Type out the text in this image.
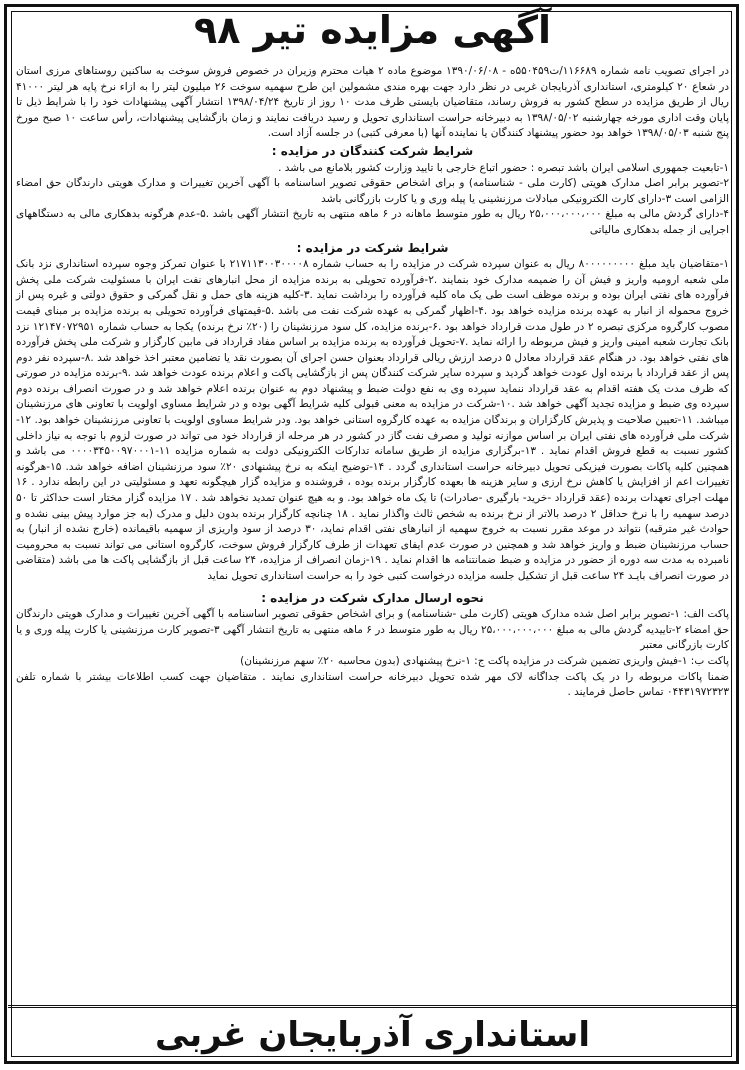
آگهی مزایده تیر ۹۸

در اجرای تصویب نامه شماره ۱۱۶۶۸۹/ت۵۵۰۴۵۹ه - ۱۳۹۰/۰۶/۰۸ موضوع ماده ۲ هیات محترم وزیران در خصوص فروش سوخت به ساکنین روستاهای مرزی استان در شعاع ۲۰ کیلومتری، استانداری آذربایجان غربی در نظر دارد جهت بهره مندی مشمولین این طرح سهمیه سوخت ۲۶ میلیون لیتر را به ازاء نرخ پایه هر لیتر ۴۱۰۰۰ ریال از طریق مزایده در سطح کشور به فروش رساند، متقاضیان بایستی ظرف مدت ۱۰ روز از تاریخ ۱۳۹۸/۰۴/۲۴ انتشار آگهی پیشنهادات خود را با شرایط ذیل تا پایان وقت اداری مورخه چهارشنبه ۱۳۹۸/۰۵/۰۲ به دبیرخانه حراست استانداری تحویل و رسید دریافت نمایند و زمان بازگشایی پیشنهادات، رأس ساعت ۱۰ صبح مورخ پنج شنبه ۱۳۹۸/۰۵/۰۳ خواهد بود حضور پیشنهاد کنندگان یا نماینده آنها (با معرفی کتبی) در جلسه آزاد است.

شرایط شرکت کنندگان در مزایده :

۱-تابعیت جمهوری اسلامی ایران باشد تبصره : حضور اتباع خارجی با تایید وزارت کشور بلامانع می باشد .

۲-تصویر برابر اصل مدارک هویتی (کارت ملی - شناسنامه) و برای اشخاص حقوقی تصویر اساسنامه با آگهی آخرین تغییرات و مدارک هویتی دارندگان حق امضاء الزامی است ۳-دارای کارت الکترونیکی مبادلات مرزنشینی یا پیله وری و یا کارت بازرگانی باشد

۴-دارای گردش مالی به مبلغ ۲۵،۰۰۰،۰۰۰،۰۰۰ ریال به طور متوسط ماهانه در ۶ ماهه منتهی به تاریخ انتشار آگهی باشد .۵-عدم هرگونه بدهکاری مالی به دستگاههای اجرایی از جمله بدهکاری مالیاتی

شرایط شرکت در مزایده :

۱-متقاضیان باید مبلغ ۸۰۰۰۰۰۰۰۰۰ ریال به عنوان سپرده شرکت در مزایده را به حساب شماره ۲۱۷۱۱۳۰۰۳۰۰۰۰۸ با عنوان تمرکز وجوه سپرده استانداری نزد بانک ملی شعبه ارومیه واریز و فیش آن را ضمیمه مدارک خود بنمایند .۲-فرآورده تحویلی به برنده مزایده از محل انبارهای نفت ایران با مسئولیت شرکت ملی پخش فرآورده های نفتی ایران بوده و برنده موظف است طی یک ماه کلیه فرآورده را برداشت نماید .۳-کلیه هزینه های حمل و نقل گمرکی و حقوق دولتی و غیره پس از خروج محموله از انبار به عهده برنده مزایده خواهد بود .۴-اظهار گمرکی به عهده شرکت نفت می باشد .۵-قیمتهای فرآورده تحویلی به برنده مزایده بر مبنای قیمت مصوب کارگروه مرکزی تبصره ۲ در طول مدت قرارداد خواهد بود .۶-برنده مزایده، کل سود مرزنشینان را (۲۰٪ نرخ برنده) یکجا به حساب شماره ۱۲۱۴۷۰۷۲۹۵۱ نزد بانک تجارت شعبه امینی واریز و فیش مربوطه را ارائه نماید .۷-تحویل فرآورده به برنده مزایده بر اساس مفاد قرارداد فی مابین کارگزار و شرکت ملی پخش فرآورده های نفتی خواهد بود. در هنگام عقد قرارداد معادل ۵ درصد ارزش ریالی قرارداد بعنوان حسن اجرای آن بصورت نقد یا تضامین معتبر اخذ خواهد شد .۸-سپرده نفر دوم پس از عقد قرارداد با برنده اول عودت خواهد گردید و سپرده سایر شرکت کنندگان پس از بازگشایی پاکت و اعلام برنده عودت خواهد شد .۹-برنده مزایده در صورتی که ظرف مدت یک هفته اقدام به عقد قرارداد ننماید سپرده وی به نفع دولت ضبط و پیشنهاد دوم به عنوان برنده اعلام خواهد شد و در صورت انصراف برنده دوم سپرده وی ضبط و مزایده تجدید آگهی خواهد شد .۱۰-شرکت در مزایده به معنی قبولی کلیه شرایط آگهی بوده و در شرایط مساوی اولویت با تعاونی های مرزنشینان میباشد. ۱۱-تعیین صلاحیت و پذیرش کارگزاران و برندگان مزایده به عهده کارگروه استانی خواهد بود. ودر شرایط مساوی اولویت با تعاونی مرزنشینان خواهد بود. ۱۲-شرکت ملی فرآورده های نفتی ایران بر اساس موازنه تولید و مصرف نفت گاز در کشور در هر مرحله از قرارداد خود می تواند در صورت لزوم با توجه به نیاز داخلی کشور نسبت به قطع فروش اقدام نماید . ۱۳-برگزاری مزایده از طریق سامانه تدارکات الکترونیکی دولت به شماره مزایده ۱۱-۰۰۰۰۳۴۵۰۰۹۷۰۰۰۱ می باشد و همچنین کلیه پاکات بصورت فیزیکی تحویل دبیرخانه حراست استانداری گردد . ۱۴-توضیح اینکه به نرخ پیشنهادی ۲۰٪ سود مرزنشینان اضافه خواهد شد. ۱۵-هرگونه تغییرات اعم از افزایش یا کاهش نرخ ارزی و سایر هزینه ها بعهده کارگزار برنده بوده ، فروشنده و مزایده گزار هیچگونه تعهد و مسئولیتی در این رابطه ندارد . ۱۶ مهلت اجرای تعهدات برنده (عقد قرارداد -خرید- بارگیری -صادرات) تا یک ماه خواهد بود. و به هیچ عنوان تمدید نخواهد شد . ۱۷ مزایده گزار مختار است حداکثر تا ۵۰ درصد سهمیه را با نرخ حداقل ۲ درصد بالاتر از نرخ برنده به شخص ثالث واگذار نماید . ۱۸ چنانچه کارگزار برنده بدون دلیل و مدرک (به جز موارد پیش بینی نشده و حوادث غیر مترقبه) نتواند در موعد مقرر نسبت به خروج سهمیه از انبارهای نفتی اقدام نماید، ۳۰ درصد از سود واریزی از سهمیه باقیمانده (خارج نشده از انبار) به حساب مرزنشینان ضبط و واریز خواهد شد و همچنین در صورت عدم ایفای تعهدات از طرف کارگزار فروش سوخت، کارگروه استانی می تواند نسبت به محرومیت نامبرده به مدت سه دوره از حضور در مزایده و ضبط ضمانتنامه ها اقدام نماید . ۱۹-زمان انصراف از مزایده، ۲۴ ساعت قبل از بازگشایی پاکت ها می باشد (متقاضی در صورت انصراف بایـد ۲۴ ساعت قبل از تشکیل جلسه مزایده درخواست کتبی خود را به حراست استانداری تحویل نماید

نحوه ارسال مدارک شرکت در مزایده :

پاکت الف: ۱-تصویر برابر اصل شده مدارک هویتی (کارت ملی -شناسنامه) و برای اشخاص حقوقی تصویر اساسنامه با آگهی آخرین تغییرات و مدارک هویتی دارندگان حق امضاء ۲-تاییدیه گردش مالی به مبلغ ۲۵،۰۰۰،۰۰۰،۰۰۰ ریال به طور متوسط در ۶ ماهه منتهی به تاریخ انتشار آگهی ۳-تصویر کارت مرزنشینی یا کارت پیله وری و یا کارت بازرگانی معتبر

پاکت ب: ۱-فیش واریزی تضمین شرکت در مزایده پاکت ج: ۱-نرخ پیشنهادی (بدون محاسبه ۲۰٪ سهم مرزنشینان)

ضمنا پاکات مربوطه را در یک پاکت جداگانه لاک مهر شده تحویل دبیرخانه حراست استانداری نمایند . متقاضیان جهت کسب اطلاعات بیشتر با شماره تلفن ۰۴۴۳۱۹۷۲۳۲۳ تماس حاصل فرمایند .

استانداری آذربایجان غربی
